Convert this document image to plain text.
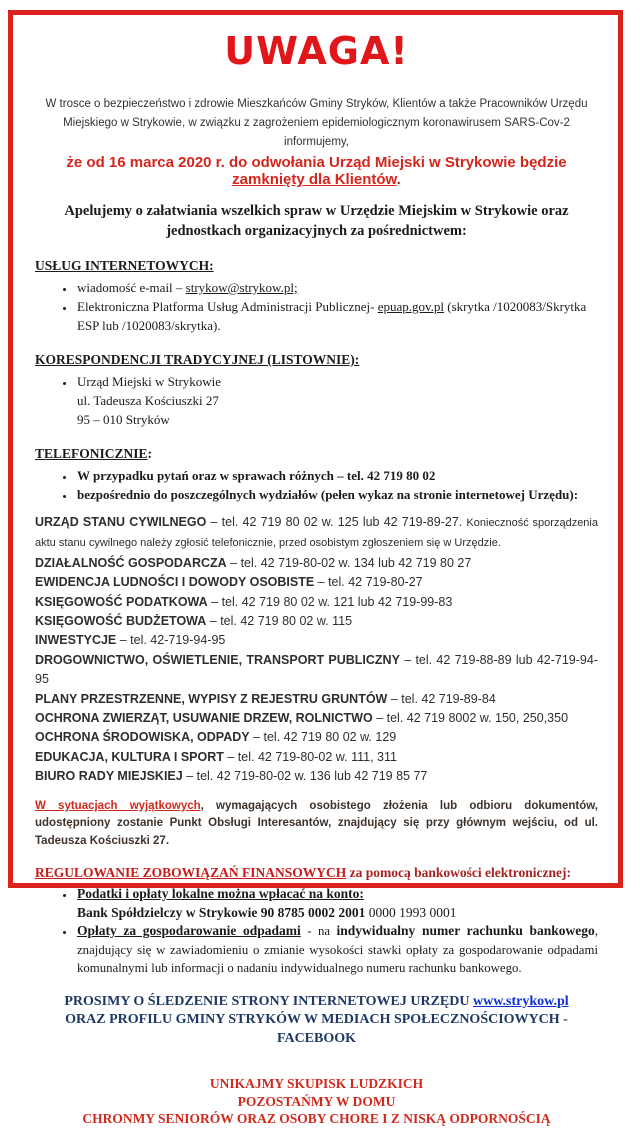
UWAGA!
W trosce o bezpieczeństwo i zdrowie Mieszkańców Gminy Stryków, Klientów a także Pracowników Urzędu Miejskiego w Strykowie, w związku z zagrożeniem epidemiologicznym koronawirusem SARS-Cov-2 informujemy,
że od 16 marca 2020 r. do odwołania Urząd Miejski w Strykowie będzie zamknięty dla Klientów.
Apelujemy o załatwiania wszelkich spraw w Urzędzie Miejskim w Strykowie oraz jednostkach organizacyjnych za pośrednictwem:
USŁUG INTERNETOWYCH:
• wiadomość e-mail – strykow@strykow.pl;
• Elektroniczna Platforma Usług Administracji Publicznej- epuap.gov.pl (skrytka /1020083/Skrytka ESP lub /1020083/skrytka).
KORESPONDENCJI TRADYCYJNEJ (LISTOWNIE):
• Urząd Miejski w Strykowie
ul. Tadeusza Kościuszki 27
95 – 010 Stryków
TELEFONICZNIE:
• W przypadku pytań oraz w sprawach różnych – tel. 42 719 80 02
• bezpośrednio do poszczególnych wydziałów (pełen wykaz na stronie internetowej Urzędu):
URZĄD STANU CYWILNEGO – tel. 42 719 80 02 w. 125 lub 42 719-89-27. Konieczność sporządzenia aktu stanu cywilnego należy zgłosić telefonicznie, przed osobistym zgłoszeniem się w Urzędzie.
DZIAŁALNOŚĆ GOSPODARCZA – tel. 42 719-80-02 w. 134 lub 42 719 80 27
EWIDENCJA LUDNOŚCI I DOWODY OSOBISTE – tel. 42 719-80-27
KSIĘGOWOŚĆ PODATKOWA – tel. 42 719 80 02 w. 121 lub 42 719-99-83
KSIĘGOWOŚĆ BUDŻETOWA – tel. 42 719 80 02 w. 115
INWESTYCJE – tel. 42-719-94-95
DROGOWNICTWO, OŚWIETLENIE, TRANSPORT PUBLICZNY – tel. 42 719-88-89 lub 42-719-94-95
PLANY PRZESTRZENNE, WYPISY Z REJESTRU GRUNTÓW – tel. 42 719-89-84
OCHRONA ZWIERZĄT, USUWANIE DRZEW, ROLNICTWO – tel. 42 719 8002 w. 150, 250,350
OCHRONA ŚRODOWISKA, ODPADY – tel. 42 719 80 02 w. 129
EDUKACJA, KULTURA I SPORT – tel. 42 719-80-02 w. 111, 311
BIURO RADY MIEJSKIEJ – tel. 42 719-80-02 w. 136 lub 42 719 85 77
W sytuacjach wyjątkowych, wymagających osobistego złożenia lub odbioru dokumentów, udostępniony zostanie Punkt Obsługi Interesantów, znajdujący się przy głównym wejściu, od ul. Tadeusza Kościuszki 27.
REGULOWANIE ZOBOWIĄZAŃ FINANSOWYCH za pomocą bankowości elektronicznej:
• Podatki i opłaty lokalne można wpłacać na konto:
Bank Spółdzielczy w Strykowie 90 8785 0002 2001 0000 1993 0001
• Opłaty za gospodarowanie odpadami - na indywidualny numer rachunku bankowego, znajdujący się w zawiadomieniu o zmianie wysokości stawki opłaty za gospodarowanie odpadami komunalnymi lub informacji o nadaniu indywidualnego numeru rachunku bankowego.
PROSIMY O ŚLEDZENIE STRONY INTERNETOWEJ URZĘDU www.strykow.pl
ORAZ PROFILU GMINY STRYKÓW W MEDIACH SPOŁECZNOŚCIOWYCH - FACEBOOK
UNIKAJMY SKUPISK LUDZKICH
POZOSTAŃMY W DOMU
CHRONMY SENIORÓW ORAZ OSOBY CHORE I Z NISKĄ ODPORNOŚCIĄ
